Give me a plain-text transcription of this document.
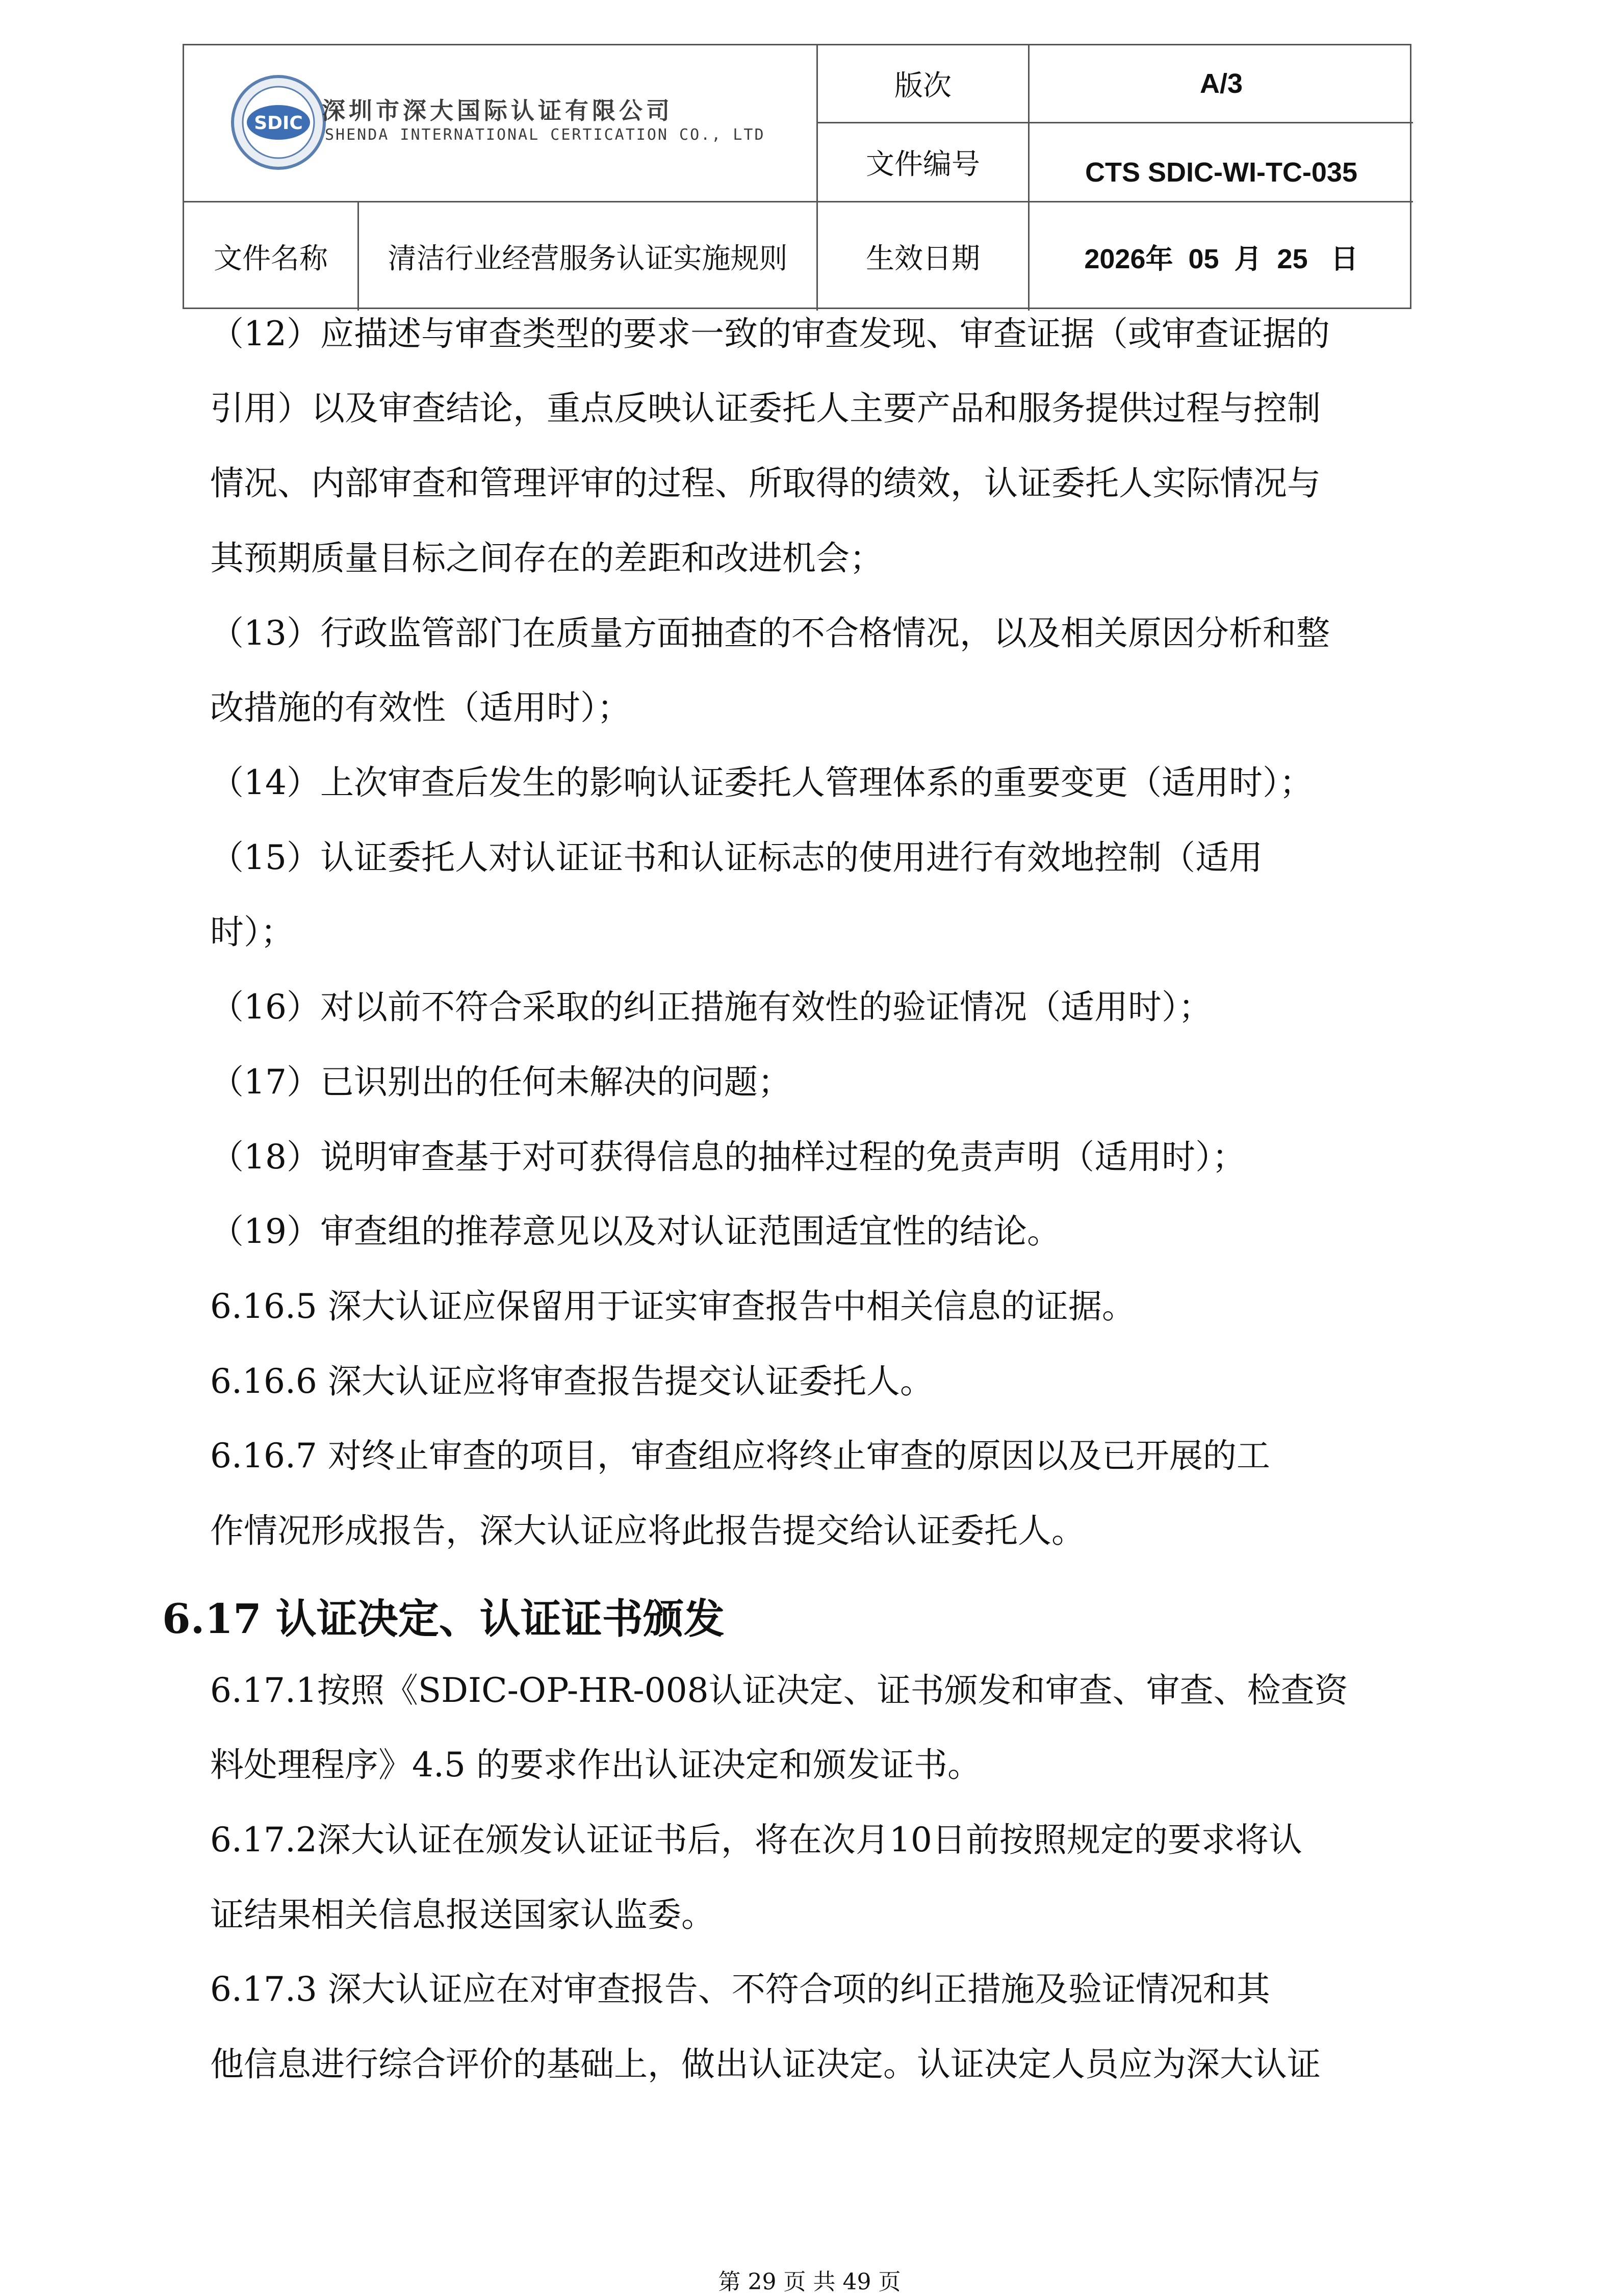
SDIC 深圳市深大国际认证有限公司
SHENDA INTERNATIONAL CERTICATION CO., LTD
版次	A/3
文件编号	CTS SDIC-WI-TC-035
文件名称	清洁行业经营服务认证实施规则	生效日期	2026年  05  月  25   日
（12）应描述与审查类型的要求一致的审查发现、审查证据（或审查证据的
引用）以及审查结论，重点反映认证委托人主要产品和服务提供过程与控制
情况、内部审查和管理评审的过程、所取得的绩效，认证委托人实际情况与
其预期质量目标之间存在的差距和改进机会；
（13）行政监管部门在质量方面抽查的不合格情况，以及相关原因分析和整
改措施的有效性（适用时）；
（14）上次审查后发生的影响认证委托人管理体系的重要变更（适用时）；
（15）认证委托人对认证证书和认证标志的使用进行有效地控制（适用
时）；
（16）对以前不符合采取的纠正措施有效性的验证情况（适用时）；
（17）已识别出的任何未解决的问题；
（18）说明审查基于对可获得信息的抽样过程的免责声明（适用时）；
（19）审查组的推荐意见以及对认证范围适宜性的结论。
6.16.5 深大认证应保留用于证实审查报告中相关信息的证据。
6.16.6 深大认证应将审查报告提交认证委托人。
6.16.7 对终止审查的项目，审查组应将终止审查的原因以及已开展的工
作情况形成报告，深大认证应将此报告提交给认证委托人。
6.17 认证决定、认证证书颁发
6.17.1按照《SDIC-OP-HR-008认证决定、证书颁发和审查、审查、检查资
料处理程序》4.5 的要求作出认证决定和颁发证书。
6.17.2深大认证在颁发认证证书后，将在次月10日前按照规定的要求将认
证结果相关信息报送国家认监委。
6.17.3 深大认证应在对审查报告、不符合项的纠正措施及验证情况和其
他信息进行综合评价的基础上，做出认证决定。认证决定人员应为深大认证
第 29 页 共 49 页
